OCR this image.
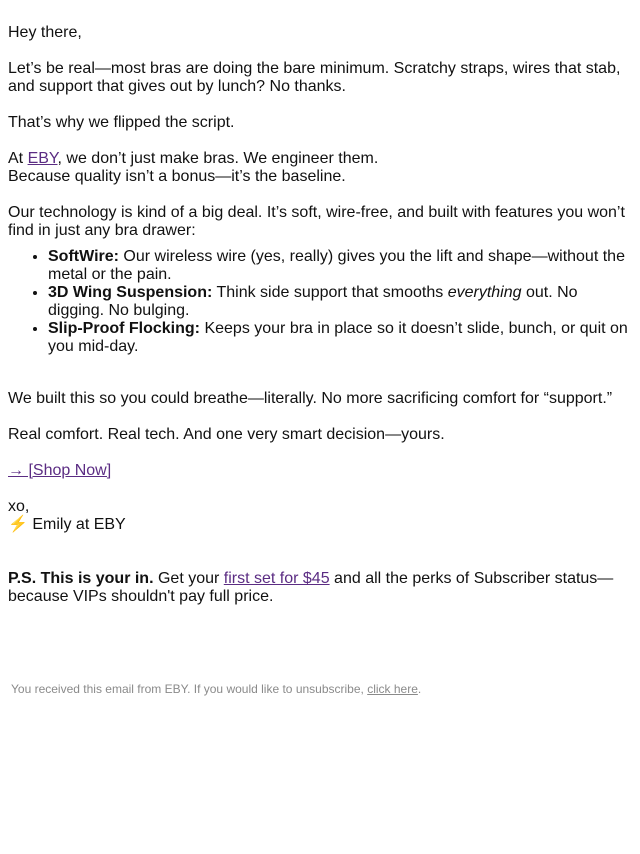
Hey there,

Let’s be real—most bras are doing the bare minimum. Scratchy straps, wires that stab, and support that gives out by lunch? No thanks.

That’s why we flipped the script.

At EBY, we don’t just make bras. We engineer them.
Because quality isn’t a bonus—it’s the baseline.

Our technology is kind of a big deal. It’s soft, wire-free, and built with features you won’t find in just any bra drawer:

• SoftWire: Our wireless wire (yes, really) gives you the lift and shape—without the metal or the pain.
• 3D Wing Suspension: Think side support that smooths everything out. No digging. No bulging.
• Slip-Proof Flocking: Keeps your bra in place so it doesn’t slide, bunch, or quit on you mid-day.

We built this so you could breathe—literally. No more sacrificing comfort for “support.”

Real comfort. Real tech. And one very smart decision—yours.

→ [Shop Now]

xo,
⚡ Emily at EBY

P.S. This is your in. Get your first set for $45 and all the perks of Subscriber status—because VIPs shouldn't pay full price.

You received this email from EBY. If you would like to unsubscribe, click here.
